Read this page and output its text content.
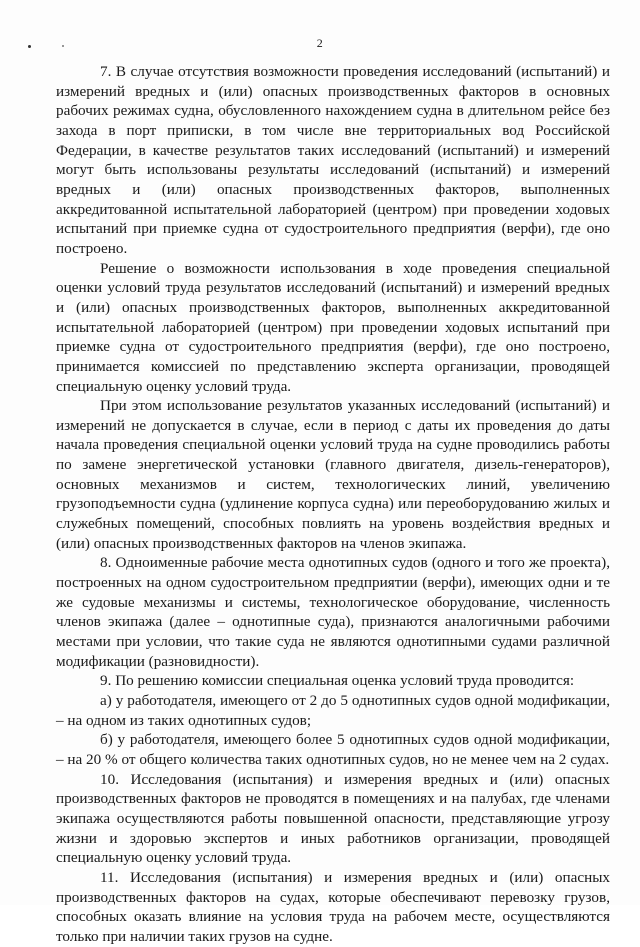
2

7. В случае отсутствия возможности проведения исследований (испытаний) и измерений вредных и (или) опасных производственных факторов в основных рабочих режимах судна, обусловленного нахождением судна в длительном рейсе без захода в порт приписки, в том числе вне территориальных вод Российской Федерации, в качестве результатов таких исследований (испытаний) и измерений могут быть использованы результаты исследований (испытаний) и измерений вредных и (или) опасных производственных факторов, выполненных аккредитованной испытательной лабораторией (центром) при проведении ходовых испытаний при приемке судна от судостроительного предприятия (верфи), где оно построено.

Решение о возможности использования в ходе проведения специальной оценки условий труда результатов исследований (испытаний) и измерений вредных и (или) опасных производственных факторов, выполненных аккредитованной испытательной лабораторией (центром) при проведении ходовых испытаний при приемке судна от судостроительного предприятия (верфи), где оно построено, принимается комиссией по представлению эксперта организации, проводящей специальную оценку условий труда.

При этом использование результатов указанных исследований (испытаний) и измерений не допускается в случае, если в период с даты их проведения до даты начала проведения специальной оценки условий труда на судне проводились работы по замене энергетической установки (главного двигателя, дизель-генераторов), основных механизмов и систем, технологических линий, увеличению грузоподъемности судна (удлинение корпуса судна) или переоборудованию жилых и служебных помещений, способных повлиять на уровень воздействия вредных и (или) опасных производственных факторов на членов экипажа.

8. Одноименные рабочие места однотипных судов (одного и того же проекта), построенных на одном судостроительном предприятии (верфи), имеющих одни и те же судовые механизмы и системы, технологическое оборудование, численность членов экипажа (далее – однотипные суда), признаются аналогичными рабочими местами при условии, что такие суда не являются однотипными судами различной модификации (разновидности).

9. По решению комиссии специальная оценка условий труда проводится:

а) у работодателя, имеющего от 2 до 5 однотипных судов одной модификации, – на одном из таких однотипных судов;

б) у работодателя, имеющего более 5 однотипных судов одной модификации, – на 20 % от общего количества таких однотипных судов, но не менее чем на 2 судах.

10. Исследования (испытания) и измерения вредных и (или) опасных производственных факторов не проводятся в помещениях и на палубах, где членами экипажа осуществляются работы повышенной опасности, представляющие угрозу жизни и здоровью экспертов и иных работников организации, проводящей специальную оценку условий труда.

11. Исследования (испытания) и измерения вредных и (или) опасных производственных факторов на судах, которые обеспечивают перевозку грузов, способных оказать влияние на условия труда на рабочем месте, осуществляются только при наличии таких грузов на судне.
